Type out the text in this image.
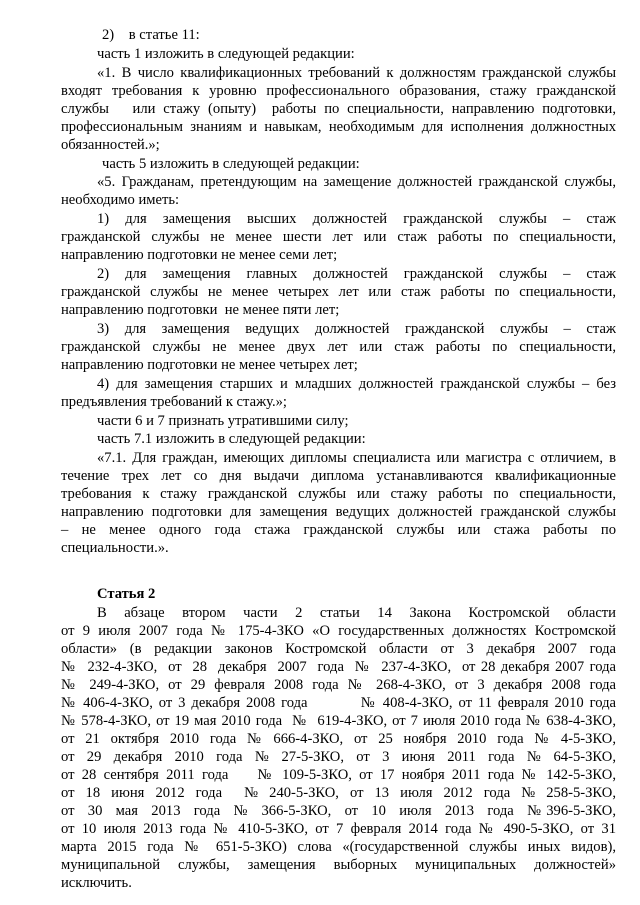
2)    в статье 11:
часть 1 изложить в следующей редакции:
«1. В число квалификационных требований к должностям гражданской службы
входят требования к уровню профессионального образования, стажу гражданской
службы   или стажу (опыту)  работы по специальности, направлению подготовки,
профессиональным знаниям и навыкам, необходимым для исполнения должностных
обязанностей.»;
часть 5 изложить в следующей редакции:
«5. Гражданам, претендующим на замещение должностей гражданской службы,
необходимо иметь:
1)  для  замещения  высших  должностей  гражданской  службы  –  стаж
гражданской службы не менее шести лет или стаж работы по специальности,
направлению подготовки не менее семи лет;
2)  для  замещения  главных  должностей  гражданской  службы  –  стаж
гражданской службы не менее четырех лет или стаж работы по специальности,
направлению подготовки  не менее пяти лет;
3)  для  замещения  ведущих  должностей  гражданской  службы  –  стаж
гражданской службы не менее двух лет или стаж работы по специальности,
направлению подготовки не менее четырех лет;
4) для замещения старших и младших должностей гражданской службы – без
предъявления требований к стажу.»;
части 6 и 7 признать утратившими силу;
часть 7.1 изложить в следующей редакции:
«7.1. Для граждан, имеющих дипломы специалиста или магистра с отличием, в
течение трех лет со дня выдачи диплома устанавливаются квалификационные
требования к стажу гражданской службы или стажу работы по специальности,
направлению подготовки для замещения ведущих должностей гражданской службы
– не менее одного года стажа гражданской службы или стажа работы по
специальности.».
Статья 2
В   абзаце   втором   части   2   статьи   14   Закона   Костромской   области
от 9 июля 2007 года № 175-4-ЗКО «О государственных должностях Костромской
области» (в редакции законов Костромской области от 3 декабря 2007 года
№  232-4-ЗКО,  от  28  декабря  2007  года  №  237-4-ЗКО,  от 28 декабря 2007 года
№ 249-4-ЗКО, от 29 февраля 2008 года № 268-4-ЗКО, от 3 декабря 2008 года
№ 406-4-ЗКО, от 3 декабря 2008 года         № 408-4-ЗКО, от 11 февраля 2010 года
№ 578-4-ЗКО, от 19 мая 2010 года  №  619-4-ЗКО, от 7 июля 2010 года № 638-4-ЗКО,
от  21  октября  2010  года  №  666-4-ЗКО,  от  25  ноября  2010  года  №  4-5-ЗКО,
от   29   декабря   2010   года   №   27-5-ЗКО,   от   3   июня   2011   года   №   64-5-ЗКО,
от 28 сентября 2011 года    № 109-5-ЗКО, от 17 ноября 2011 года № 142-5-ЗКО,
от   18   июня   2012   года      №   240-5-ЗКО,   от   13   июля   2012   года   №   258-5-ЗКО,
от   30   мая   2013   года   №   366-5-ЗКО,   от   10   июля   2013   года   № 396-5-ЗКО,
от 10 июля 2013 года № 410-5-ЗКО, от 7 февраля 2014 года № 490-5-ЗКО, от 31
марта 2015 года № 651-5-ЗКО) слова «(государственной службы иных видов),
муниципальной  службы,  замещения  выборных  муниципальных  должностей»
исключить.
